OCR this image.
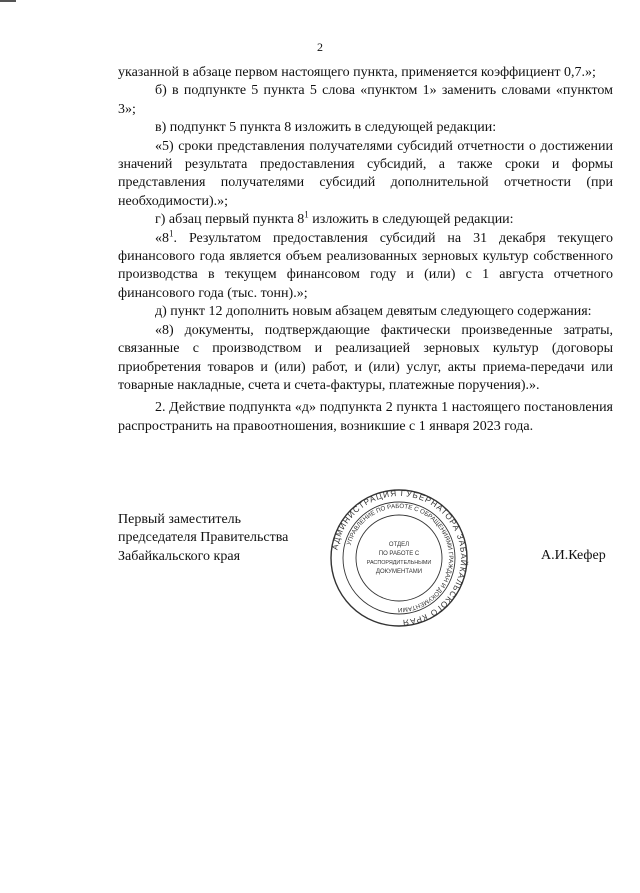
2

указанной в абзаце первом настоящего пункта, применяется коэффициент 0,7.»;

б) в подпункте 5 пункта 5 слова «пунктом 1» заменить словами «пунктом 3»;

в) подпункт 5 пункта 8 изложить в следующей редакции:

«5) сроки представления получателями субсидий отчетности о достижении значений результата предоставления субсидий, а также сроки и формы представления получателями субсидий дополнительной отчетности (при необходимости).»;

г) абзац первый пункта $8^1$ изложить в следующей редакции:

«$8^1$. Результатом предоставления субсидий на 31 декабря текущего финансового года является объем реализованных зерновых культур собственного производства в текущем финансовом году и (или) с 1 августа отчетного финансового года (тыс. тонн).»;

д) пункт 12 дополнить новым абзацем девятым следующего содержания:

«8) документы, подтверждающие фактически произведенные затраты, связанные с производством и реализацией зерновых культур (договоры приобретения товаров и (или) работ, и (или) услуг, акты приема-передачи или товарные накладные, счета и счета-фактуры, платежные поручения).».

2. Действие подпункта «д» подпункта 2 пункта 1 настоящего постановления распространить на правоотношения, возникшие с 1 января 2023 года.

Первый заместитель
председателя Правительства
Забайкальского края	А.И.Кефер
АДМИНИСТРАЦИЯ ГУБЕРНАТОРА ЗАБАЙКАЛЬСКОГО КРАЯ
УПРАВЛЕНИЕ ПО РАБОТЕ С ОБРАЩЕНИЯМИ ГРАЖДАН И ДОКУМЕНТАМИ
ОТДЕЛ
ПО РАБОТЕ С
РАСПОРЯДИТЕЛЬНЫМИ
ДОКУМЕНТАМИ
